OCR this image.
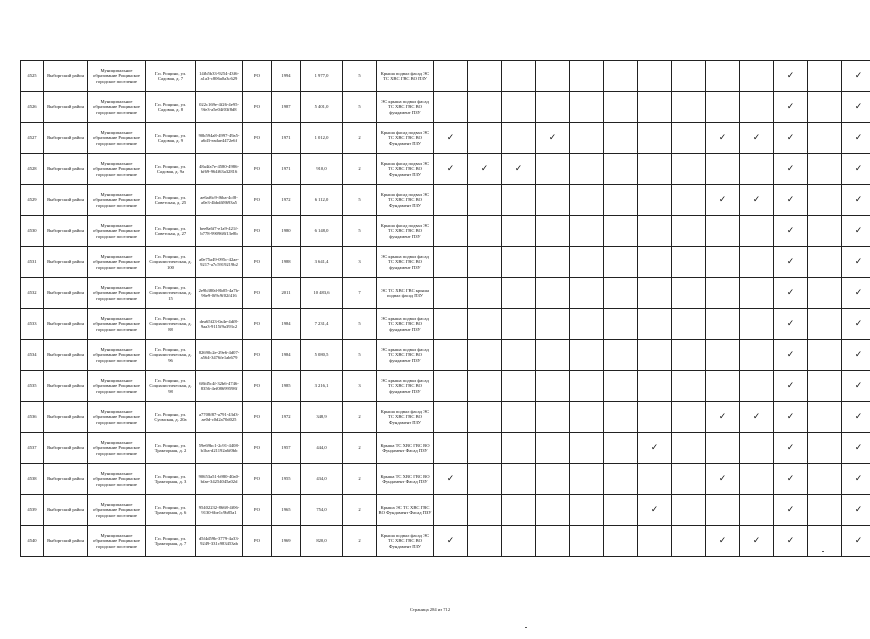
4525	Выборгский район	Муниципальное образование Рощинское городское поселение	Г.п. Рощино, ул. Садовая, д. 7	14fb5b33-9254-43f6-a1a3-c806a0a3c629	РО	1994	1 977,0	5	Крыша подвал фасад ЭС ТС ХВС ГВС ВО ПЗУ											✓		✓
4526	Выборгский район	Муниципальное образование Рощинское городское поселение	Г.п. Рощино, ул. Садовая, д. 8	022c169e-4f26-4e95-9fe3-a5e04f03f8d8	РО	1987	5 401,0	5	ЭС крыша подвал фасад ТС ХВС ГВС ВО фундамент ПЗУ											✓		✓
4527	Выборгский район	Муниципальное образование Рощинское городское поселение	Г.п. Рощино, ул. Садовая, д. 9	90b594a8-4997-49a5-a6d3-eadae4472e6f	РО	1971	1 012,0	2	Крыша фасад подвал ЭС ТС ХВС ГВС ВО Фундамент ПЗУ	✓			✓					✓	✓	✓		✓
4528	Выборгский район	Муниципальное образование Рощинское городское поселение	Г.п. Рощино, ул. Садовая, д. 9а	48a4fa7e-4580-4986-bf69-964f63a32816	РО	1971	910,0	2	Крыша фасад подвал ЭС ТС ХВС ГВС ВО Фундамент ПЗУ	✓	✓	✓								✓		✓
4529	Выборгский район	Муниципальное образование Рощинское городское поселение	Г.п. Рощино, ул. Советская, д. 25	ae6af6c9-f6ba-4cf8-a0e3-4bbdff8693a5	РО	1972	6 112,0	5	Крыша фасад подвал ЭС ТС ХВС ГВС ВО Фундамент ПЗУ									✓	✓	✓		✓
4530	Выборгский район	Муниципальное образование Рощинское городское поселение	Г.п. Рощино, ул. Советская, д. 27	bee8a6f7-e1a9-421f-b778-990968f13e8b	РО	1980	6 148,0	5	Крыша фасад подвал ЭС ТС ХВС ГВС ВО фундамент ПЗУ											✓		✓
4531	Выборгский район	Муниципальное образование Рощинское городское поселение	Г.п. Рощино, ул. Социалистическая, д. 100	a0e75a49-095c-42ae-9217-a7c5919219b2	РО	1988	3 641,4	3	ЭС крыша подвал фасад ТС ХВС ГВС ВО фундамент ПЗУ											✓		✓
4532	Выборгский район	Муниципальное образование Рощинское городское поселение	Г.п. Рощино, ул. Социалистическая, д. 15	2e9b380d-8b05-4a7b-96e9-0f9c9f02f416	РО	2011	10 483,6	7	ЭС ТС ХВС ГВС крыша подвал фасад ПЗУ											✓		✓
4533	Выборгский район	Муниципальное образование Рощинское городское поселение	Г.п. Рощино, ул. Социалистическая, д. 88	dea65f23-0a4e-4df8-9aa3-9115f9a393c2	РО	1984	7 231,4	5	ЭС крыша подвал фасад ТС ХВС ГВС ВО фундамент ПЗУ											✓		✓
4534	Выборгский район	Муниципальное образование Рощинское городское поселение	Г.п. Рощино, ул. Социалистическая, д. 96	82690c2e-29e6-4d07-a564-3476fe1ab679	РО	1984	5 080,5	5	ЭС крыша подвал фасад ТС ХВС ГВС ВО фундамент ПЗУ											✓		✓
4535	Выборгский район	Муниципальное образование Рощинское городское поселение	Г.п. Рощино, ул. Социалистическая, д. 98	68fd5c4f-32b6-4746-8356-4ef08699598f	РО	1985	3 216,1	3	ЭС крыша подвал фасад ТС ХВС ГВС ВО фундамент ПЗУ											✓		✓
4536	Выборгский район	Муниципальное образование Рощинское городское поселение	Г.п. Рощино, ул. Суомская, д. 20а	a7708f87-a791-43d3-ae0d-c0d2a70d025	РО	1972	348,9	2	Крыша подвал фасад ЭС ТС ХВС ГВС ВО Фундамент ПЗУ									✓	✓	✓		✓
4537	Выборгский район	Муниципальное образование Рощинское городское поселение	Г.п. Рощино, ул. Тракторная, д. 2	59e69bc1-2c91-4408-b1ba-d21192a6f0bb	РО	1957	444,0	2	Крыша ТС ХВС ГВС ВО Фундамент Фасад ПЗУ							✓				✓		✓
4538	Выборгский район	Муниципальное образование Рощинское городское поселение	Г.п. Рощино, ул. Тракторная, д. 3	90653a51-b980-40a0-bfae-34254045a02d	РО	1955	434,0	2	Крыша ТС ХВС ГВС ВО Фундамент Фасад ПЗУ	✓								✓		✓		✓
4539	Выборгский район	Муниципальное образование Рощинское городское поселение	Г.п. Рощино, ул. Тракторная, д. 6	95402232-8668-4f06-9130-6be1c9b85a1	РО	1965	754,0	2	Крыша ЭС ТС ХВС ГВС ВО Фундамент Фасад ПЗУ							✓				✓		✓
4540	Выборгский район	Муниципальное образование Рощинское городское поселение	Г.п. Рощино, ул. Тракторная, д. 7	d5f4d59b-3779-4a33-9249-331c983453ab	РО	1969	820,0	2	Крыша подвал фасад ЭС ТС ХВС ГВС ВО Фундамент ПЗУ	✓								✓	✓	✓		✓
Страница 284 из 712
